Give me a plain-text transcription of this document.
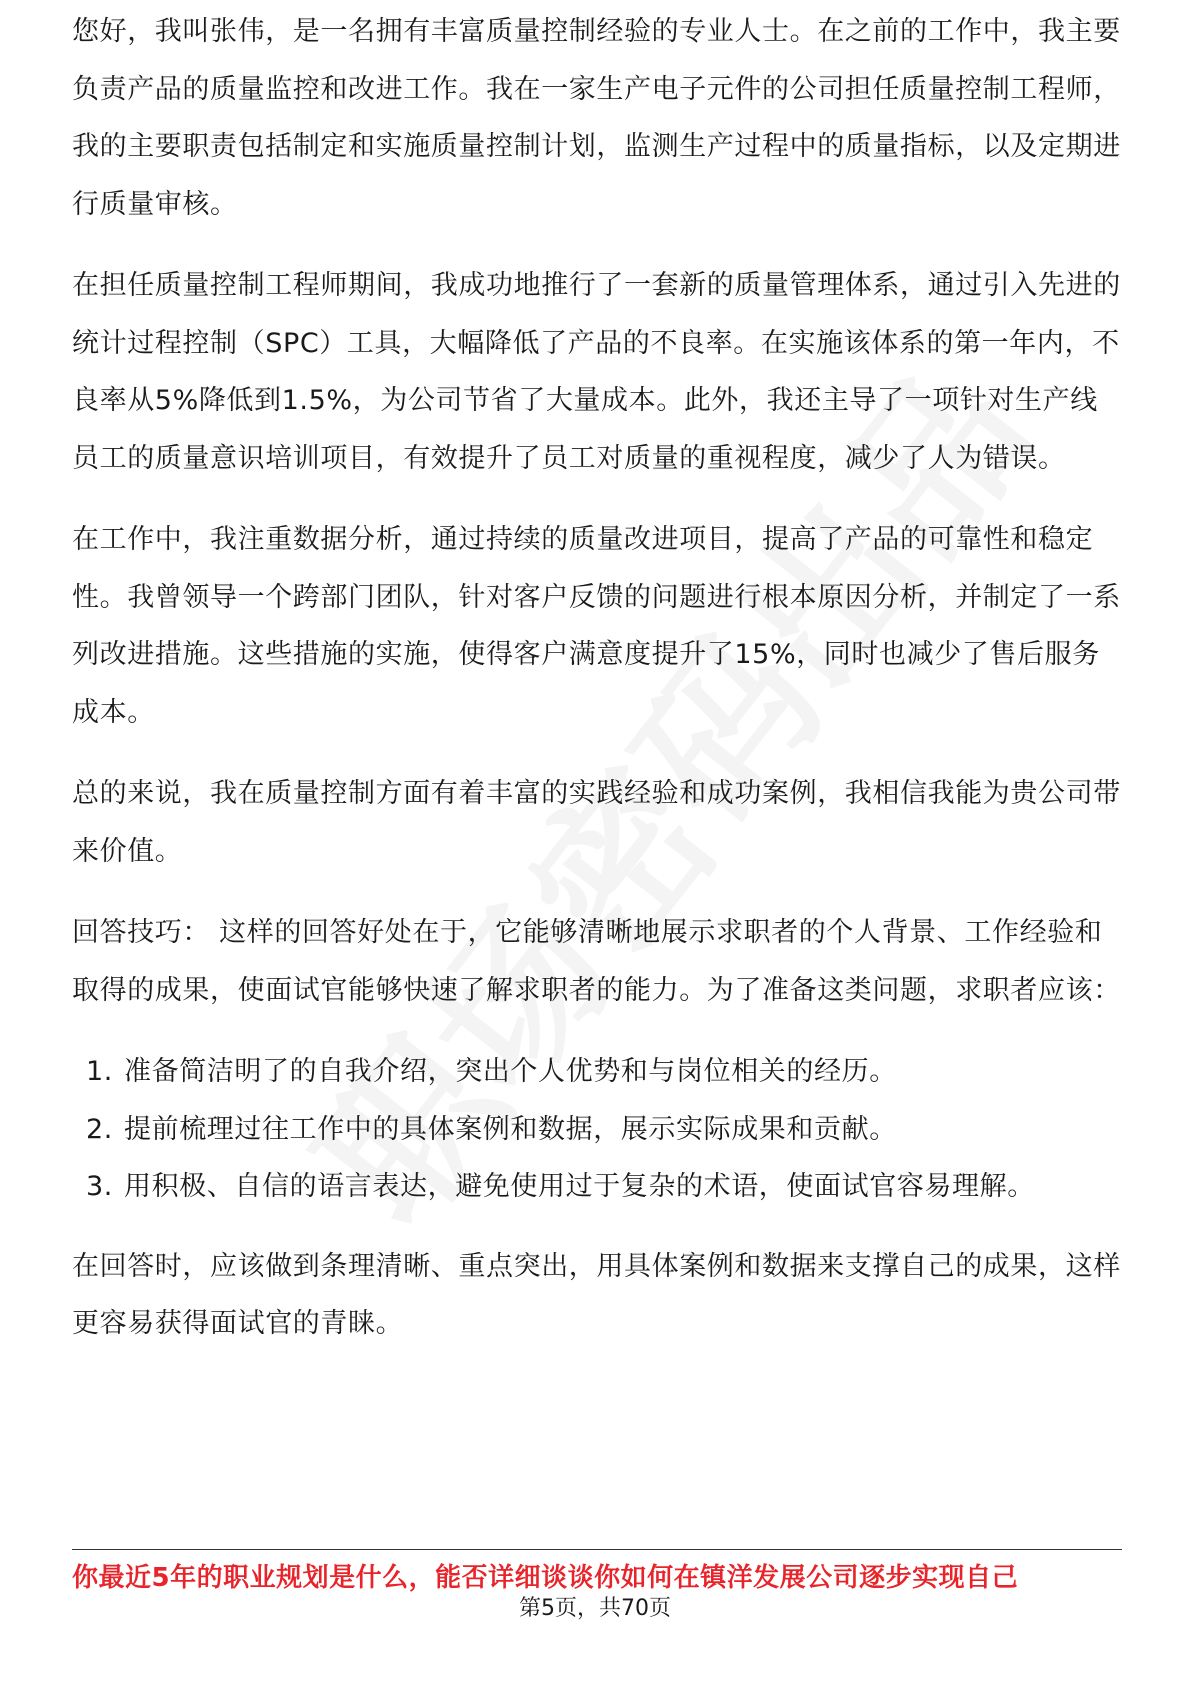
您好，我叫张伟，是一名拥有丰富质量控制经验的专业人士。在之前的工作中，我主要负责产品的质量监控和改进工作。我在一家生产电子元件的公司担任质量控制工程师，我的主要职责包括制定和实施质量控制计划，监测生产过程中的质量指标，以及定期进行质量审核。

在担任质量控制工程师期间，我成功地推行了一套新的质量管理体系，通过引入先进的统计过程控制（SPC）工具，大幅降低了产品的不良率。在实施该体系的第一年内，不良率从5%降低到1.5%，为公司节省了大量成本。此外，我还主导了一项针对生产线员工的质量意识培训项目，有效提升了员工对质量的重视程度，减少了人为错误。

在工作中，我注重数据分析，通过持续的质量改进项目，提高了产品的可靠性和稳定性。我曾领导一个跨部门团队，针对客户反馈的问题进行根本原因分析，并制定了一系列改进措施。这些措施的实施，使得客户满意度提升了15%，同时也减少了售后服务成本。

总的来说，我在质量控制方面有着丰富的实践经验和成功案例，我相信我能为贵公司带来价值。

回答技巧： 这样的回答好处在于，它能够清晰地展示求职者的个人背景、工作经验和取得的成果，使面试官能够快速了解求职者的能力。为了准备这类问题，求职者应该：

1. 准备简洁明了的自我介绍，突出个人优势和与岗位相关的经历。
2. 提前梳理过往工作中的具体案例和数据，展示实际成果和贡献。
3. 用积极、自信的语言表达，避免使用过于复杂的术语，使面试官容易理解。

在回答时，应该做到条理清晰、重点突出，用具体案例和数据来支撑自己的成果，这样更容易获得面试官的青睐。

你最近5年的职业规划是什么，能否详细谈谈你如何在镇洋发展公司逐步实现自己
第5页，共70页
